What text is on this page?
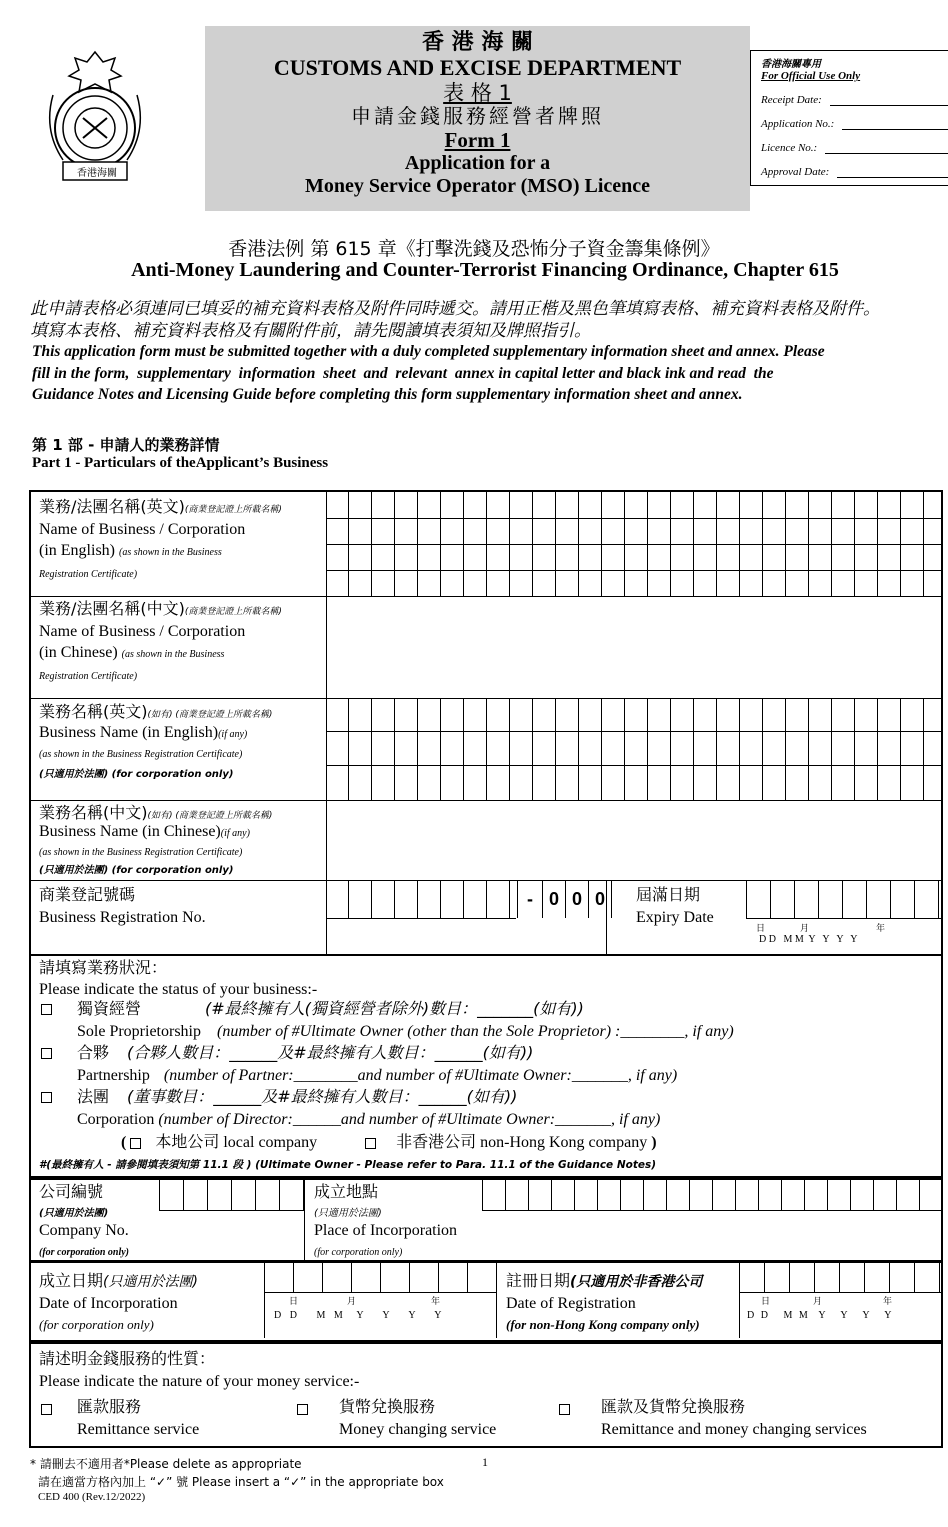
香港海關
香 港 海 關
CUSTOMS AND EXCISE DEPARTMENT
表 格 1
申請金錢服務經營者牌照
Form 1
Application for a
Money Service Operator (MSO) Licence
香港海關專用
For Official Use Only
Receipt Date:
Application No.:
Licence No.:
Approval Date:
香港法例 第 615 章《打擊洗錢及恐怖分子資金籌集條例》
Anti-Money Laundering and Counter-Terrorist Financing Ordinance, Chapter 615
此申請表格必須連同已填妥的補充資料表格及附件同時遞交。請用正楷及黑色筆填寫表格、補充資料表格及附件。
填寫本表格、補充資料表格及有關附件前，請先閱讀填表須知及牌照指引。
This application form must be submitted together with a duly completed supplementary information sheet and annex. Please
fill in the form,  supplementary  information  sheet  and  relevant  annex in capital letter and black ink and read  the
Guidance Notes and Licensing Guide before completing this form supplementary information sheet and annex.
第 1 部 - 申請人的業務詳情
Part 1 - Particulars of theApplicant’s Business
業務/法團名稱(英文)(商業登記證上所載名稱)
Name of Business / Corporation
(in English) (as shown in the Business
Registration Certificate)
業務/法團名稱(中文)(商業登記證上所載名稱)
Name of Business / Corporation
(in Chinese) (as shown in the Business
Registration Certificate)
業務名稱(英文)(如有) (商業登記證上所載名稱)
Business Name (in English)(if any)
(as shown in the Business Registration Certificate)
(只適用於法團) (for corporation only)
業務名稱(中文)(如有) (商業登記證上所載名稱)
Business Name (in Chinese)(if any)
(as shown in the Business Registration Certificate)
(只適用於法團) (for corporation only)
商業登記號碼
Business Registration No.
- 0 0 0	屆滿日期
Expiry Date
日	月	年
D D   M M  Y   Y   Y   Y
請填寫業務狀況：
Please indicate the status of your business:-
獨資經營	(#最終擁有人(獨資經營者除外)數目：_______(如有))
Sole Proprietorship (number of #Ultimate Owner (other than the Sole Proprietor) :________, if any)
合夥 (合夥人數目：______及#最終擁有人數目：______(如有))
Partnership (number of Partner:________and number of #Ultimate Owner:_______, if any)
法團 (董事數目：______及#最終擁有人數目：______(如有))
Corporation (number of Director:______and number of #Ultimate Owner:_______, if any)
( 本地公司 local company	非香港公司 non-Hong Kong company )
#(最終擁有人 - 請參閱填表須知第 11.1 段 ) (Ultimate Owner - Please refer to Para. 11.1 of the Guidance Notes)
公司編號
(只適用於法團)
Company No.
(for corporation only)
成立地點
(只適用於法團)
Place of Incorporation
(for corporation only)
成立日期(只適用於法團)
Date of Incorporation
(for corporation only)
日	月	年
D D   M M  Y   Y   Y   Y
註冊日期(只適用於非香港公司
Date of Registration
(for non-Hong Kong company only)
日	月	年
D D   M M  Y   Y   Y   Y
請述明金錢服務的性質：
Please indicate the nature of your money service:-
匯款服務
Remittance service
貨幣兌換服務
Money changing service
匯款及貨幣兌換服務
Remittance and money changing services
* 請刪去不適用者*Please delete as appropriate	1
請在適當方格內加上 “✓” 號 Please insert a “✓” in the appropriate box
CED 400 (Rev.12/2022)
